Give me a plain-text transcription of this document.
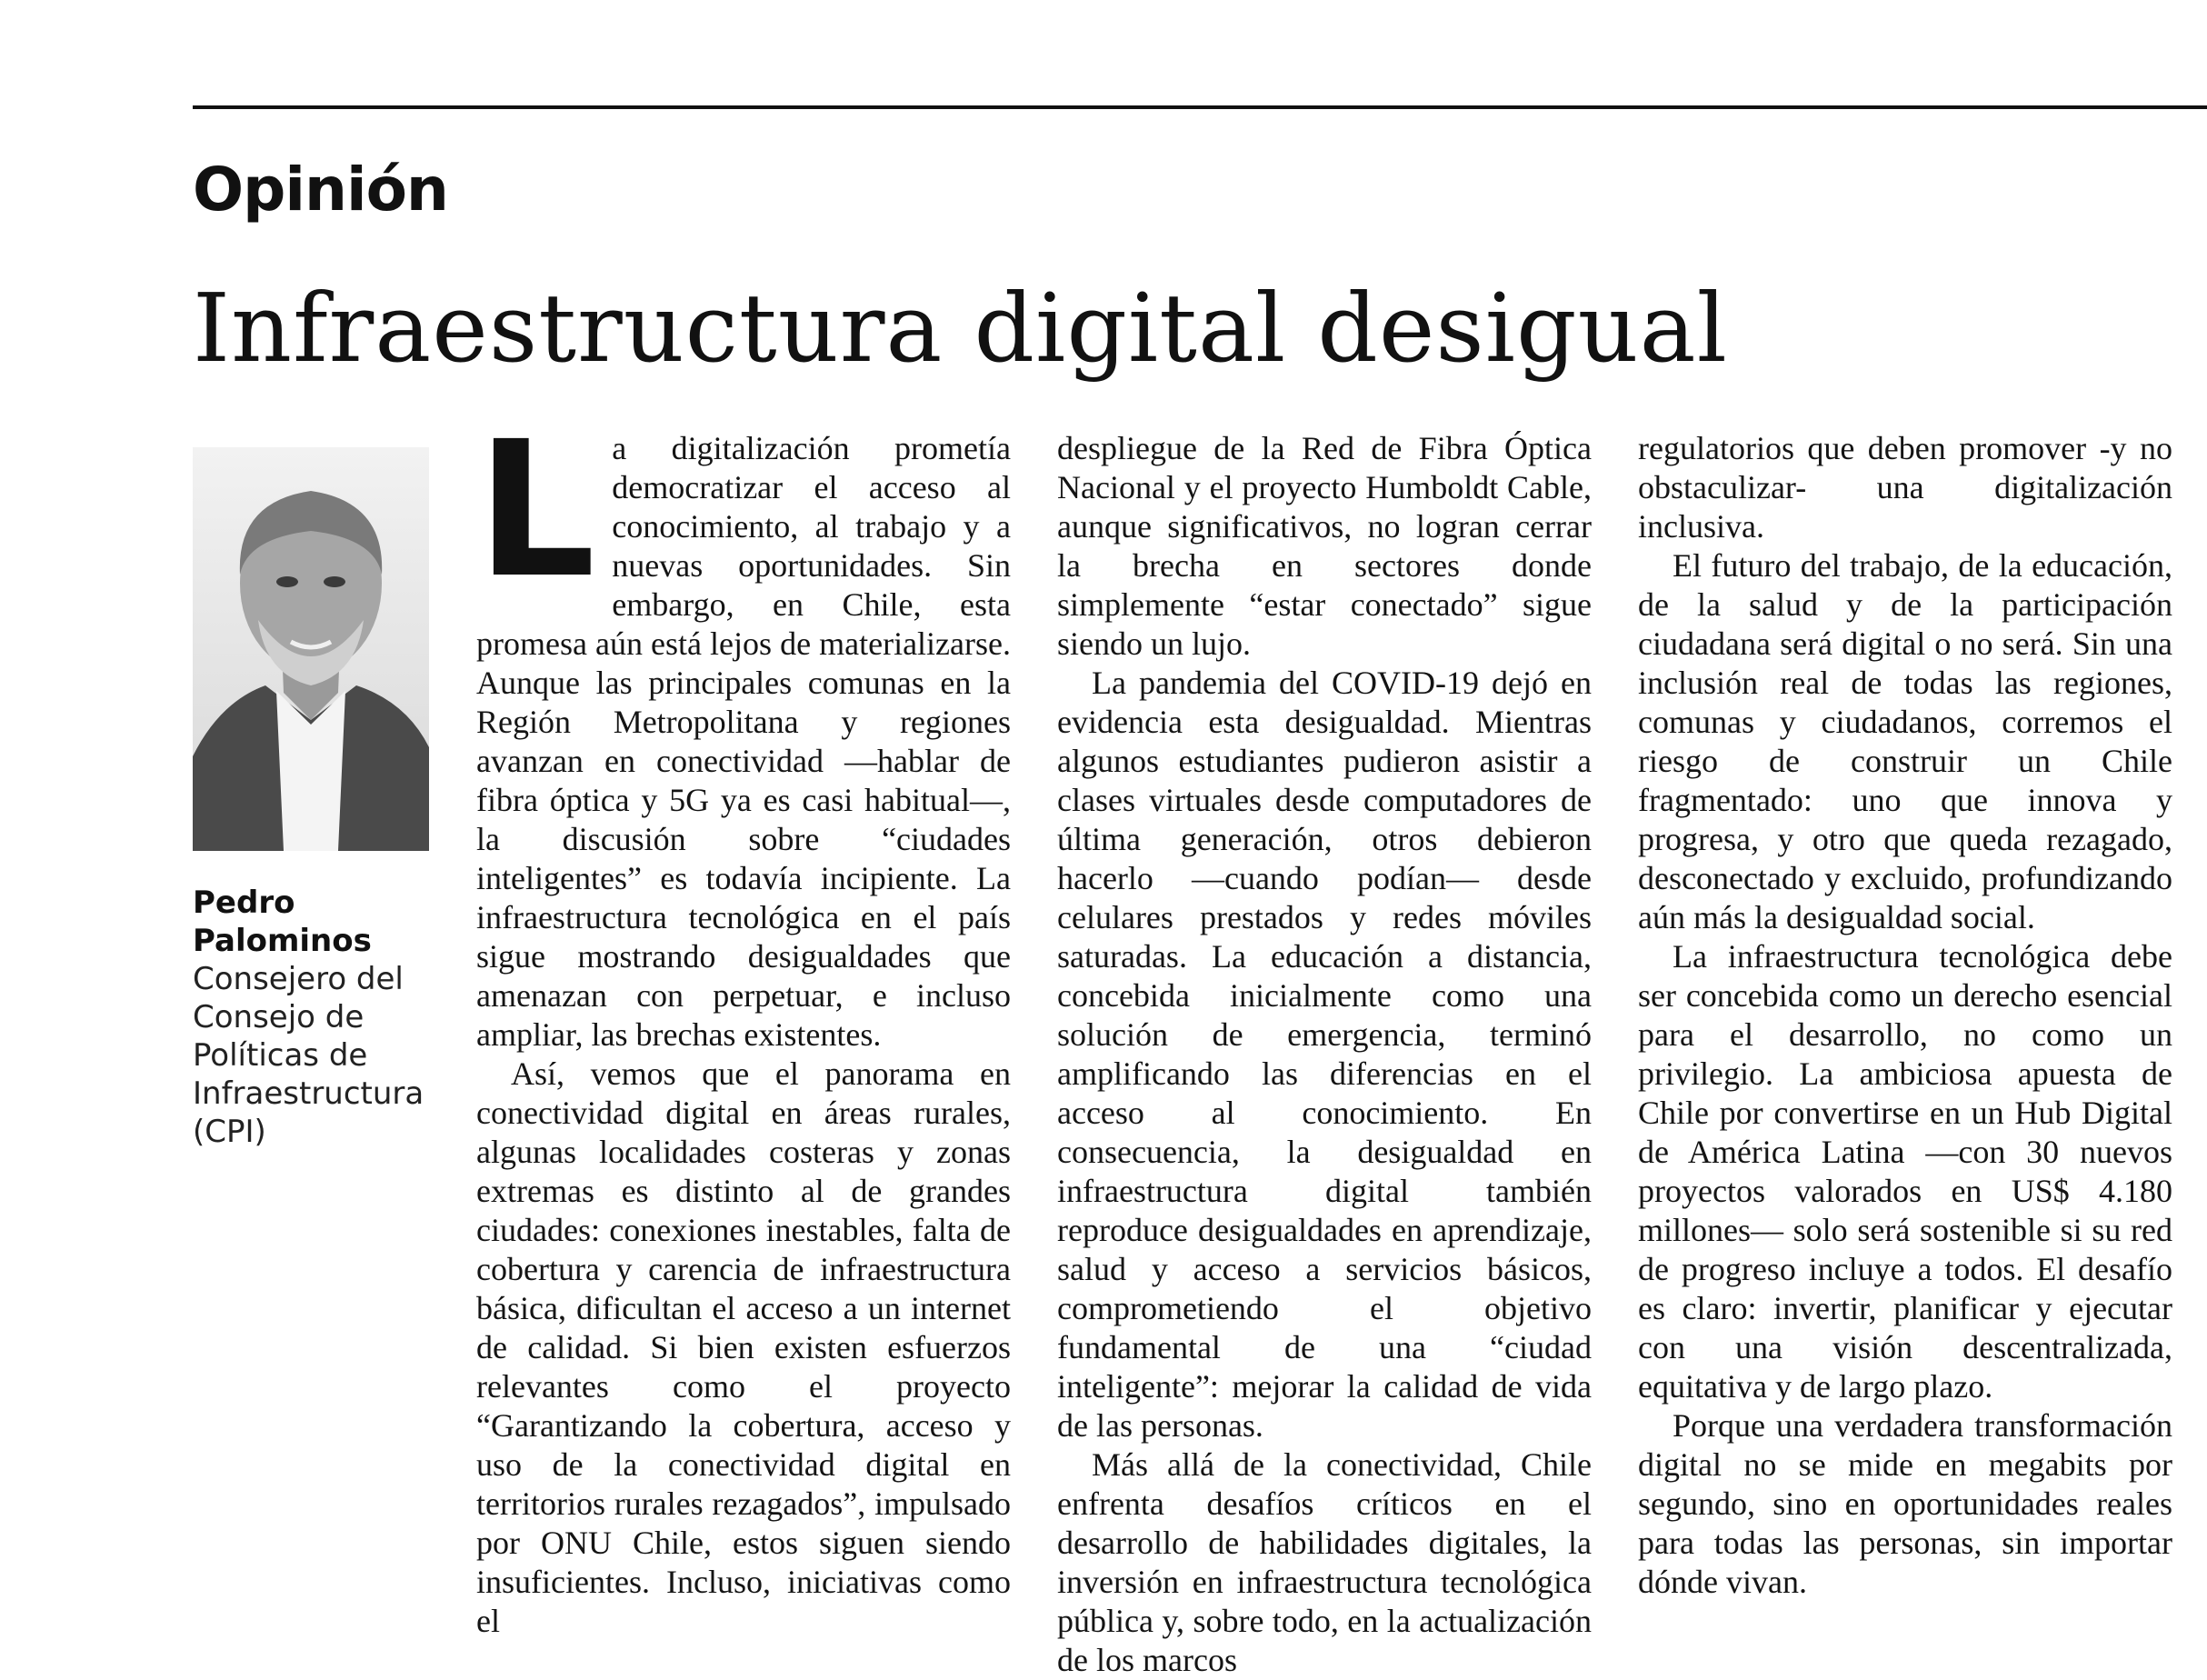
Opinión
Infraestructura digital desigual
Pedro Palominos
Consejero del Consejo de Políticas de Infraestructura (CPI)
L a digitalización prometía democratizar el acceso al conocimiento, al trabajo y a nuevas oportunidades. Sin embargo, en Chile, esta promesa aún está lejos de materializarse. Aunque las principales comunas en la Región Metropolitana y regiones avanzan en conectividad —hablar de fibra óptica y 5G ya es casi habitual—, la discusión sobre “ciudades inteligentes” es todavía incipiente. La infraestructura tecnológica en el país sigue mostrando desigualdades que amenazan con perpetuar, e incluso ampliar, las brechas existentes.

Así, vemos que el panorama en conectividad digital en áreas rurales, algunas localidades costeras y zonas extremas es distinto al de grandes ciudades: conexiones inestables, falta de cobertura y carencia de infraestructura básica, dificultan el acceso a un internet de calidad. Si bien existen esfuerzos relevantes como el proyecto “Garantizando la cobertura, acceso y uso de la conectividad digital en territorios rurales rezagados”, impulsado por ONU Chile, estos siguen siendo insuficientes. Incluso, iniciativas como el

despliegue de la Red de Fibra Óptica Nacional y el proyecto Humboldt Cable, aunque significativos, no logran cerrar la brecha en sectores donde simplemente “estar conectado” sigue siendo un lujo.

La pandemia del COVID-19 dejó en evidencia esta desigualdad. Mientras algunos estudiantes pudieron asistir a clases virtuales desde computadores de última generación, otros debieron hacerlo —cuando podían— desde celulares prestados y redes móviles saturadas. La educación a distancia, concebida inicialmente como una solución de emergencia, terminó amplificando las diferencias en el acceso al conocimiento. En consecuencia, la desigualdad en infraestructura digital también reproduce desigualdades en aprendizaje, salud y acceso a servicios básicos, comprometiendo el objetivo fundamental de una “ciudad inteligente”: mejorar la calidad de vida de las personas.

Más allá de la conectividad, Chile enfrenta desafíos críticos en el desarrollo de habilidades digitales, la inversión en infraestructura tecnológica pública y, sobre todo, en la actualización de los marcos

regulatorios que deben promover -y no obstaculizar- una digitalización inclusiva.

El futuro del trabajo, de la educación, de la salud y de la participación ciudadana será digital o no será. Sin una inclusión real de todas las regiones, comunas y ciudadanos, corremos el riesgo de construir un Chile fragmentado: uno que innova y progresa, y otro que queda rezagado, desconectado y excluido, profundizando aún más la desigualdad social.

La infraestructura tecnológica debe ser concebida como un derecho esencial para el desarrollo, no como un privilegio. La ambiciosa apuesta de Chile por convertirse en un Hub Digital de América Latina —con 30 nuevos proyectos valorados en US$ 4.180 millones— solo será sostenible si su red de progreso incluye a todos. El desafío es claro: invertir, planificar y ejecutar con una visión descentralizada, equitativa y de largo plazo.

Porque una verdadera transformación digital no se mide en megabits por segundo, sino en oportunidades reales para todas las personas, sin importar dónde vivan.
